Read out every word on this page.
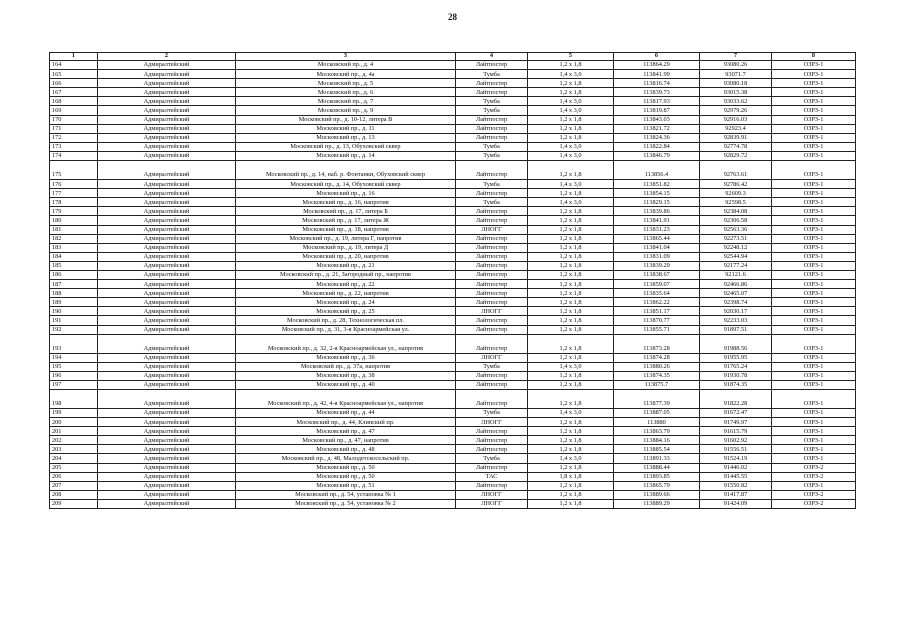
28
1	2	3	4	5	6	7	8
164	Адмиралтейский	Московский пр., д. 4	Лайтпостер	1,2 x 1,8	113864.29	93080.26	ОЗРЗ-1
165	Адмиралтейский	Московский пр., д. 4а	Тумба	1,4 x 3,0	113841.99	93071.7	ОЗРЗ-1
166	Адмиралтейский	Московский пр., д. 5	Лайтпостер	1,2 x 1,8	113816.74	93080.18	ОЗРЗ-1
167	Адмиралтейский	Московский пр., д. 6	Лайтпостер	1,2 x 1,8	113839.73	93015.38	ОЗРЗ-1
168	Адмиралтейский	Московский пр., д. 7	Тумба	1,4 x 3,0	113817.93	93033.62	ОЗРЗ-1
169	Адмиралтейский	Московский пр., д. 9	Тумба	1,4 x 3,0	113819.87	92979.26	ОЗРЗ-1
170	Адмиралтейский	Московский пр., д. 10-12, литера В	Лайтпостер	1,2 x 1,8	113843.03	92916.03	ОЗРЗ-1
171	Адмиралтейский	Московский пр., д. 11	Лайтпостер	1,2 x 1,8	113821.72	92923.4	ОЗРЗ-1
172	Адмиралтейский	Московский пр., д. 13	Лайтпостер	1,2 x 1,8	113824.36	92839.91	ОЗРЗ-1
173	Адмиралтейский	Московский пр., д. 13, Обуховский сквер	Тумба	1,4 x 3,0	113822.84	92774.78	ОЗРЗ-1
174	Адмиралтейский	Московский пр., д. 14	Тумба	1,4 x 3,0	113846.79	92829.72	ОЗРЗ-1
175	Адмиралтейский	Московский пр., д. 14, наб. р. Фонтанки, Обуховский сквер	Лайтпостер	1,2 x 1,8	113856.4	92763.61	ОЗРЗ-1
176	Адмиралтейский	Московский пр., д. 14, Обуховский сквер	Тумба	1,4 x 3,0	113851.82	92786.42	ОЗРЗ-1
177	Адмиралтейский	Московский пр., д. 16	Лайтпостер	1,2 x 1,8	113854.15	92609.3	ОЗРЗ-1
178	Адмиралтейский	Московский пр., д. 16, напротив	Тумба	1,4 x 3,0	113829.15	92598.5	ОЗРЗ-1
179	Адмиралтейский	Московский пр., д. 17, литера Б	Лайтпостер	1,2 x 1,8	113839.86	92384.08	ОЗРЗ-1
180	Адмиралтейский	Московский пр., д. 17, литера Ж	Лайтпостер	1,2 x 1,8	113841.91	92306.58	ОЗРЗ-1
181	Адмиралтейский	Московский пр., д. 18, напротив	ЛНОГГ	1,2 x 1,8	113831.23	92563.36	ОЗРЗ-1
182	Адмиралтейский	Московский пр., д. 19, литера Г, напротив	Лайтпостер	1,2 x 1,8	113865.44	92273.51	ОЗРЗ-1
183	Адмиралтейский	Московский пр., д. 19, литера Д	Лайтпостер	1,2 x 1,8	113841.04	92248.12	ОЗРЗ-1
184	Адмиралтейский	Московский пр., д. 20, напротив	Лайтпостер	1,2 x 1,8	113831.09	92544.94	ОЗРЗ-1
185	Адмиралтейский	Московский пр., д. 21	Лайтпостер	1,2 x 1,8	113839.29	92177.24	ОЗРЗ-1
186	Адмиралтейский	Московский пр., д. 21, Загородный пр., напротив	Лайтпостер	1,2 x 1,8	113838.67	92121.6	ОЗРЗ-1
187	Адмиралтейский	Московский пр., д. 22	Лайтпостер	1,2 x 1,8	113859.07	92466.86	ОЗРЗ-1
188	Адмиралтейский	Московский пр., д. 22, напротив	Лайтпостер	1,2 x 1,8	113835.64	92465.07	ОЗРЗ-1
189	Адмиралтейский	Московский пр., д. 24	Лайтпостер	1,2 x 1,8	113862.22	92398.74	ОЗРЗ-1
190	Адмиралтейский	Московский пр., д. 25	ЛНОГГ	1,2 x 1,8	113851.17	92030.17	ОЗРЗ-1
191	Адмиралтейский	Московский пр., д. 28, Технологическая пл.	Лайтпостер	1,2 x 1,8	113870.77	92233.03	ОЗРЗ-1
192	Адмиралтейский	Московский пр., д. 31, 3-я Красноармейская ул.	Лайтпостер	1,2 x 1,8	113855.71	91897.51	ОЗРЗ-1
193	Адмиралтейский	Московский пр., д. 32, 2-я Красноармейская ул., напротив	Лайтпостер	1,2 x 1,8	113873.28	91988.56	ОЗРЗ-1
194	Адмиралтейский	Московский пр., д. 36	ЛНОГГ	1,2 x 1,8	113874.28	91955.95	ОЗРЗ-1
195	Адмиралтейский	Московский пр., д. 37а, напротив	Тумба	1,4 x 3,0	113880.26	91765.24	ОЗРЗ-1
196	Адмиралтейский	Московский пр., д. 38	Лайтпостер	1,2 x 1,8	113874.35	91930.78	ОЗРЗ-1
197	Адмиралтейский	Московский пр., д. 40	Лайтпостер	1,2 x 1,8	113875.7	91874.35	ОЗРЗ-1
198	Адмиралтейский	Московский пр., д. 42, 4-я Красноармейская ул., напротив	Лайтпостер	1,2 x 1,8	113877.39	91822.28	ОЗРЗ-1
199	Адмиралтейский	Московский пр., д. 44	Тумба	1,4 x 3,0	113887.05	91672.47	ОЗРЗ-1
200	Адмиралтейский	Московский пр., д. 44, Клинский пр.	ЛНОГГ	1,2 x 1,8	113880	91749.97	ОЗРЗ-1
201	Адмиралтейский	Московский пр., д. 47	Лайтпостер	1,2 x 1,8	113863.79	91615.79	ОЗРЗ-1
202	Адмиралтейский	Московский пр., д. 47, напротив	Лайтпостер	1,2 x 1,8	113884.16	91602.92	ОЗРЗ-1
203	Адмиралтейский	Московский пр., д. 48	Лайтпостер	1,2 x 1,8	113885.54	91556.51	ОЗРЗ-1
204	Адмиралтейский	Московский пр., д. 48, Малодетскосельский пр.	Тумба	1,4 x 3,0	113891.33	91524.19	ОЗРЗ-1
205	Адмиралтейский	Московский пр., д. 50	Лайтпостер	1,2 x 1,8	113888.44	91446.02	ОЗРЗ-2
206	Адмиралтейский	Московский пр., д. 50	ТАС	1,8 x 1,8	113893.85	91445.55	ОЗРЗ-2
207	Адмиралтейский	Московский пр., д. 51	Лайтпостер	1,2 x 1,8	113865.79	91550.82	ОЗРЗ-1
208	Адмиралтейский	Московский пр., д. 54, установка № 1	ЛНОГГ	1,2 x 1,8	113889.66	91417.87	ОЗРЗ-2
209	Адмиралтейский	Московский пр., д. 54, установка № 2	ЛНОГГ	1,2 x 1,8	113889.29	91424.09	ОЗРЗ-2
